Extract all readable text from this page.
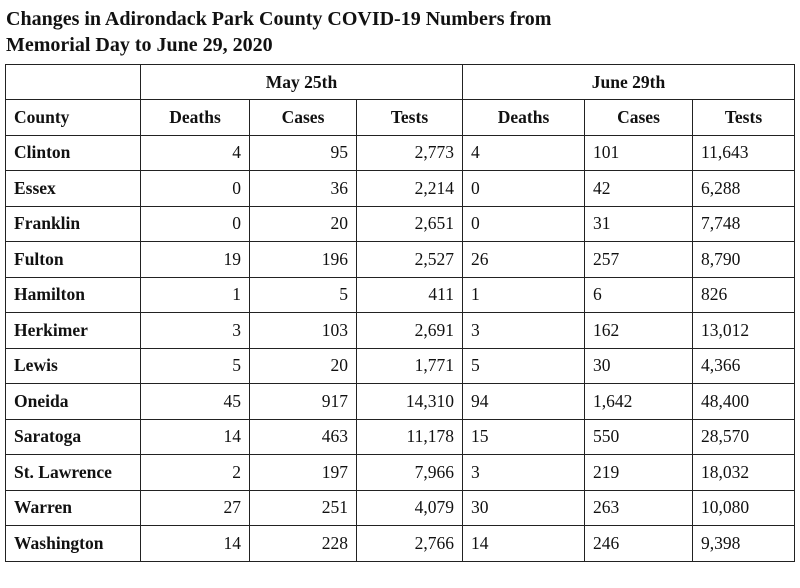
Changes in Adirondack Park County COVID-19 Numbers from
Memorial Day to June 29, 2020
	May 25th			June 29th		
County	Deaths	Cases	Tests	Deaths	Cases	Tests
Clinton	4	95	2,773	4	101	11,643
Essex	0	36	2,214	0	42	6,288
Franklin	0	20	2,651	0	31	7,748
Fulton	19	196	2,527	26	257	8,790
Hamilton	1	5	411	1	6	826
Herkimer	3	103	2,691	3	162	13,012
Lewis	5	20	1,771	5	30	4,366
Oneida	45	917	14,310	94	1,642	48,400
Saratoga	14	463	11,178	15	550	28,570
St. Lawrence	2	197	7,966	3	219	18,032
Warren	27	251	4,079	30	263	10,080
Washington	14	228	2,766	14	246	9,398
